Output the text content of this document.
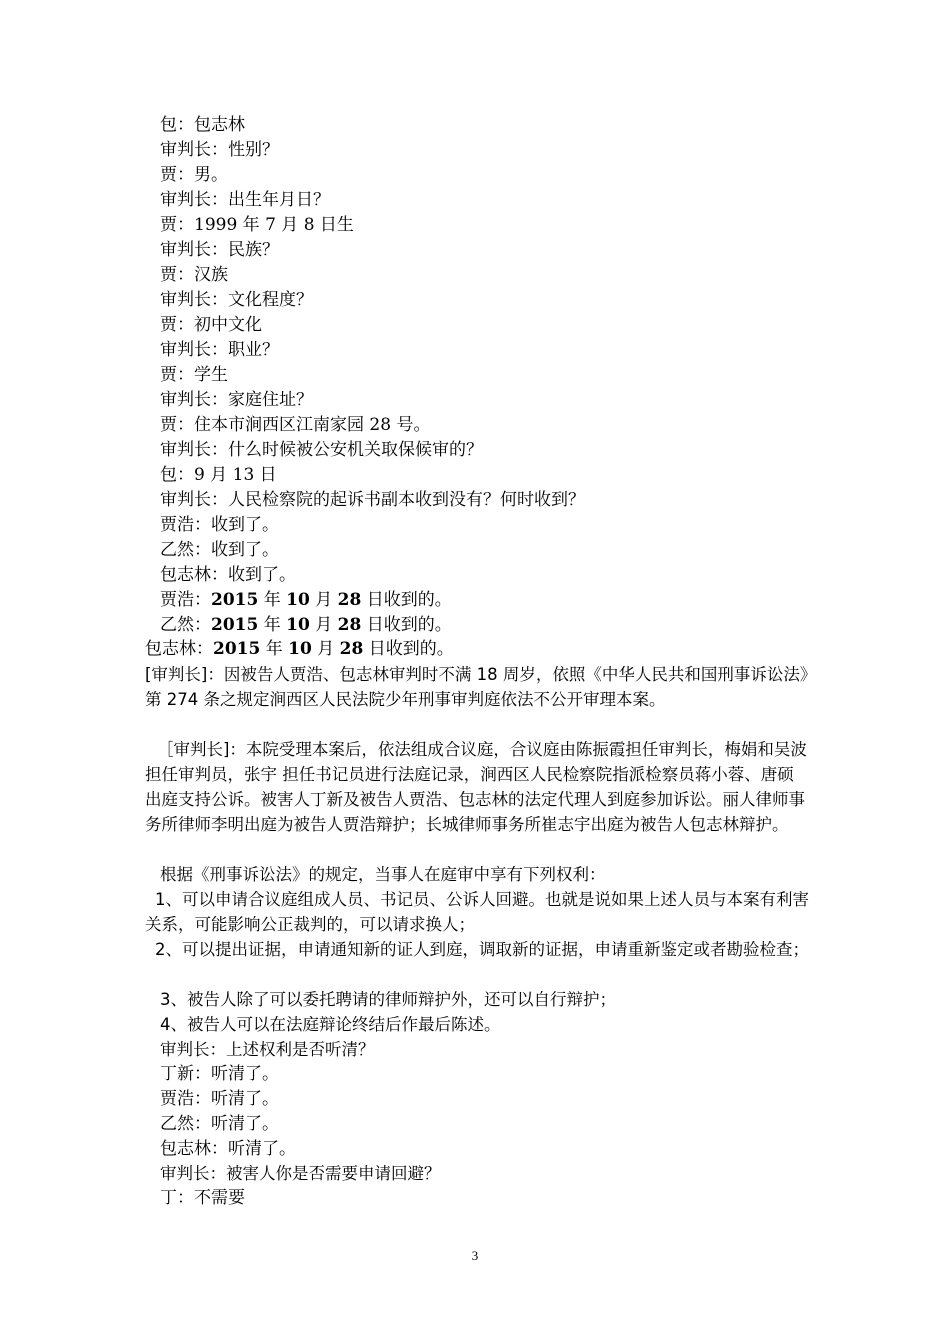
包：包志林
审判长：性别？
贾：男。
审判长：出生年月日？
贾：1999 年 7 月 8 日生
审判长：民族？
贾：汉族
审判长：文化程度？
贾：初中文化
审判长：职业？
贾：学生
审判长：家庭住址？
贾：住本市涧西区江南家园 28 号。
审判长：什么时候被公安机关取保候审的？
包：9 月 13 日
审判长：人民检察院的起诉书副本收到没有？何时收到？
贾浩：收到了。
乙然：收到了。
包志林：收到了。
贾浩：2015 年 10 月 28 日收到的。
乙然：2015 年 10 月 28 日收到的。
包志林：2015 年 10 月 28 日收到的。
[审判长]：因被告人贾浩、包志林审判时不满 18 周岁，依照《中华人民共和国刑事诉讼法》第 274 条之规定涧西区人民法院少年刑事审判庭依法不公开审理本案。
［审判长]：本院受理本案后，依法组成合议庭，合议庭由陈振霞担任审判长，梅娟和吴波担任审判员，张宇 担任书记员进行法庭记录，涧西区人民检察院指派检察员蒋小蓉、唐硕出庭支持公诉。被害人丁新及被告人贾浩、包志林的法定代理人到庭参加诉讼。丽人律师事务所律师李明出庭为被告人贾浩辩护；长城律师事务所崔志宇出庭为被告人包志林辩护。
根据《刑事诉讼法》的规定，当事人在庭审中享有下列权利：
1、可以申请合议庭组成人员、书记员、公诉人回避。也就是说如果上述人员与本案有利害关系，可能影响公正裁判的，可以请求换人；
2、可以提出证据，申请通知新的证人到庭，调取新的证据，申请重新鉴定或者勘验检查；
3、被告人除了可以委托聘请的律师辩护外，还可以自行辩护；
4、被告人可以在法庭辩论终结后作最后陈述。
审判长：上述权利是否听清？
丁新：听清了。
贾浩：听清了。
乙然：听清了。
包志林：听清了。
审判长：被害人你是否需要申请回避？
丁：不需要
3
